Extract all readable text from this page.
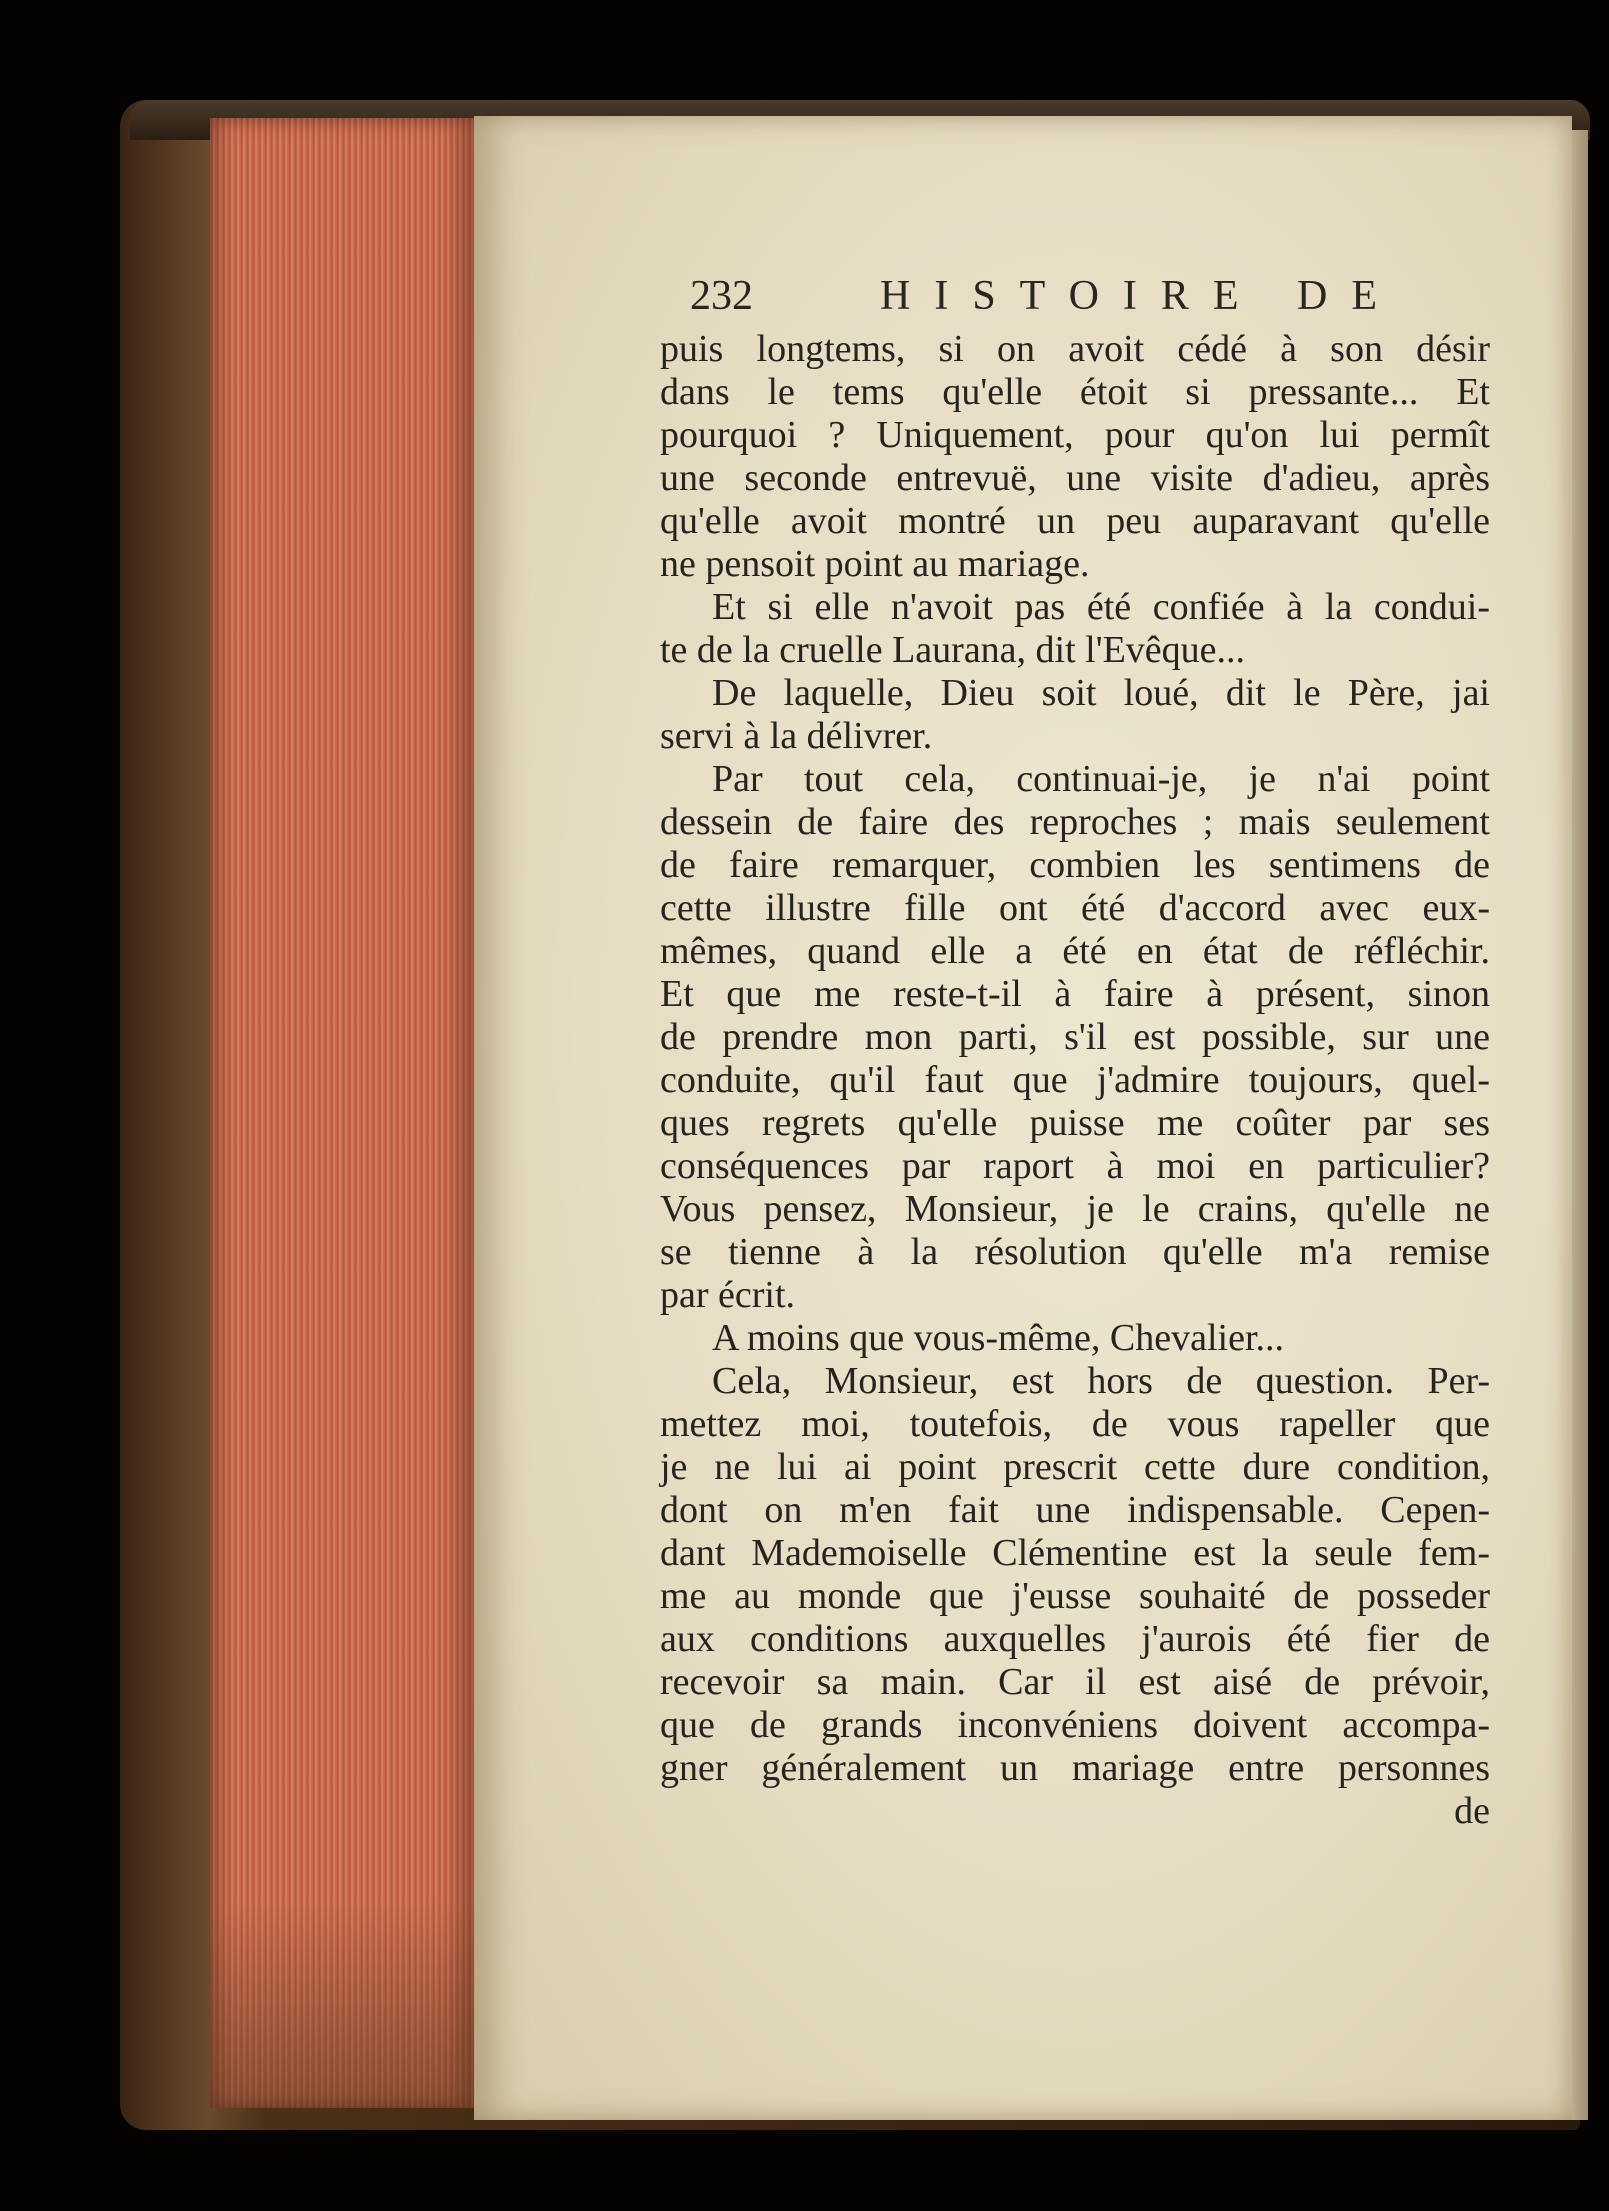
232	HISTOIRE DE
puis longtems, si on avoit cédé à son désir
dans le tems qu'elle étoit si pressante... Et
pourquoi ? Uniquement, pour qu'on lui permît
une seconde entrevuë, une visite d'adieu, après
qu'elle avoit montré un peu auparavant qu'elle
ne pensoit point au mariage.
Et si elle n'avoit pas été confiée à la condui-
te de la cruelle Laurana, dit l'Evêque...
De laquelle, Dieu soit loué, dit le Père, jai
servi à la délivrer.
Par tout cela, continuai-je, je n'ai point
dessein de faire des reproches ; mais seulement
de faire remarquer, combien les sentimens de
cette illustre fille ont été d'accord avec eux-
mêmes, quand elle a été en état de réfléchir.
Et que me reste-t-il à faire à présent, sinon
de prendre mon parti, s'il est possible, sur une
conduite, qu'il faut que j'admire toujours, quel-
ques regrets qu'elle puisse me coûter par ses
conséquences par raport à moi en particulier?
Vous pensez, Monsieur, je le crains, qu'elle ne
se tienne à la résolution qu'elle m'a remise
par écrit.
A moins que vous-même, Chevalier...
Cela, Monsieur, est hors de question. Per-
mettez moi, toutefois, de vous rapeller que
je ne lui ai point prescrit cette dure condition,
dont on m'en fait une indispensable. Cepen-
dant Mademoiselle Clémentine est la seule fem-
me au monde que j'eusse souhaité de posseder
aux conditions auxquelles j'aurois été fier de
recevoir sa main. Car il est aisé de prévoir,
que de grands inconvéniens doivent accompa-
gner généralement un mariage entre personnes
de
